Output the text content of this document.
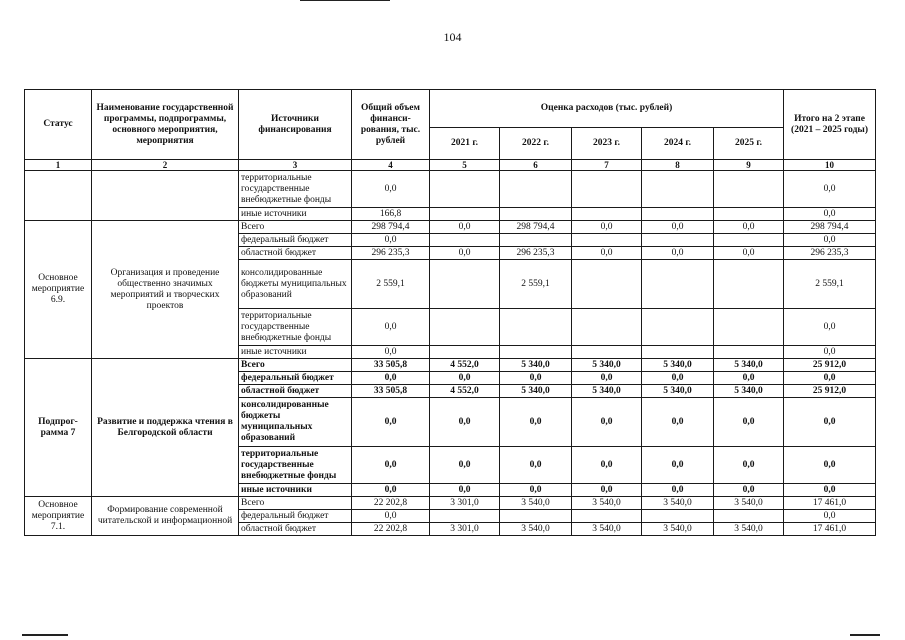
104
Статус	Наименование государственной программы, подпрограммы, основного мероприятия, мероприятия	Источники финансирования	Общий объем финанси-рования, тыс. рублей	Оценка расходов (тыс. рублей)					Итого на 2 этапе (2021 – 2025 годы)
				2021 г.	2022 г.	2023 г.	2024 г.	2025 г.	
1	2	3	4	5	6	7	8	9	10
		территориальные государственные внебюджетные фонды	0,0						0,0
		иные источники	166,8						0,0
Основное мероприятие 6.9.	Организация и проведение общественно значимых мероприятий и творческих проектов	Всего	298 794,4	0,0	298 794,4	0,0	0,0	0,0	298 794,4
		федеральный бюджет	0,0						0,0
		областной бюджет	296 235,3	0,0	296 235,3	0,0	0,0	0,0	296 235,3
		консолидированные бюджеты муниципальных образований	2 559,1		2 559,1				2 559,1
		территориальные государственные внебюджетные фонды	0,0						0,0
		иные источники	0,0						0,0
Подпрог-рамма 7	Развитие и поддержка чтения в Белгородской области	Всего	33 505,8	4 552,0	5 340,0	5 340,0	5 340,0	5 340,0	25 912,0
		федеральный бюджет	0,0	0,0	0,0	0,0	0,0	0,0	0,0
		областной бюджет	33 505,8	4 552,0	5 340,0	5 340,0	5 340,0	5 340,0	25 912,0
		консолидированные бюджеты муниципальных образований	0,0	0,0	0,0	0,0	0,0	0,0	0,0
		территориальные государственные внебюджетные фонды	0,0	0,0	0,0	0,0	0,0	0,0	0,0
		иные источники	0,0	0,0	0,0	0,0	0,0	0,0	0,0
Основное мероприятие 7.1.	Формирование современной читательской и информационной	Всего	22 202,8	3 301,0	3 540,0	3 540,0	3 540,0	3 540,0	17 461,0
		федеральный бюджет	0,0						0,0
		областной бюджет	22 202,8	3 301,0	3 540,0	3 540,0	3 540,0	3 540,0	17 461,0
